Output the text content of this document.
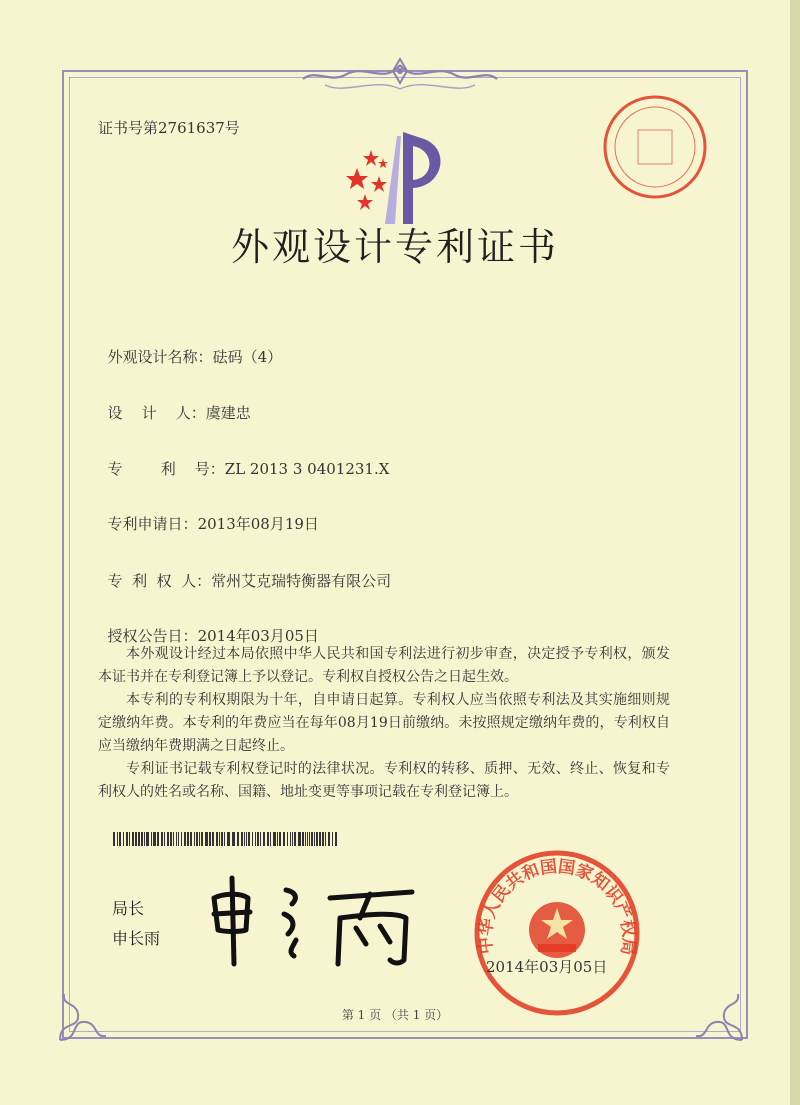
证书号第2761637号
外观设计专利证书

外观设计名称：砝码（4）

设    计    人：虞建忠

专        利    号：ZL 2013 3 0401231.X

专利申请日：2013年08月19日

专  利  权  人：常州艾克瑞特衡器有限公司

授权公告日：2014年03月05日

本外观设计经过本局依照中华人民共和国专利法进行初步审查，决定授予专利权，颁发本证书并在专利登记簿上予以登记。专利权自授权公告之日起生效。

本专利的专利权期限为十年，自申请日起算。专利权人应当依照专利法及其实施细则规定缴纳年费。本专利的年费应当在每年08月19日前缴纳。未按照规定缴纳年费的，专利权自应当缴纳年费期满之日起终止。

专利证书记载专利权登记时的法律状况。专利权的转移、质押、无效、终止、恢复和专利权人的姓名或名称、国籍、地址变更等事项记载在专利登记簿上。

局长
申长雨	中华人民共和国国家知识产权局
2014年03月05日
第 1 页 （共 1 页）
